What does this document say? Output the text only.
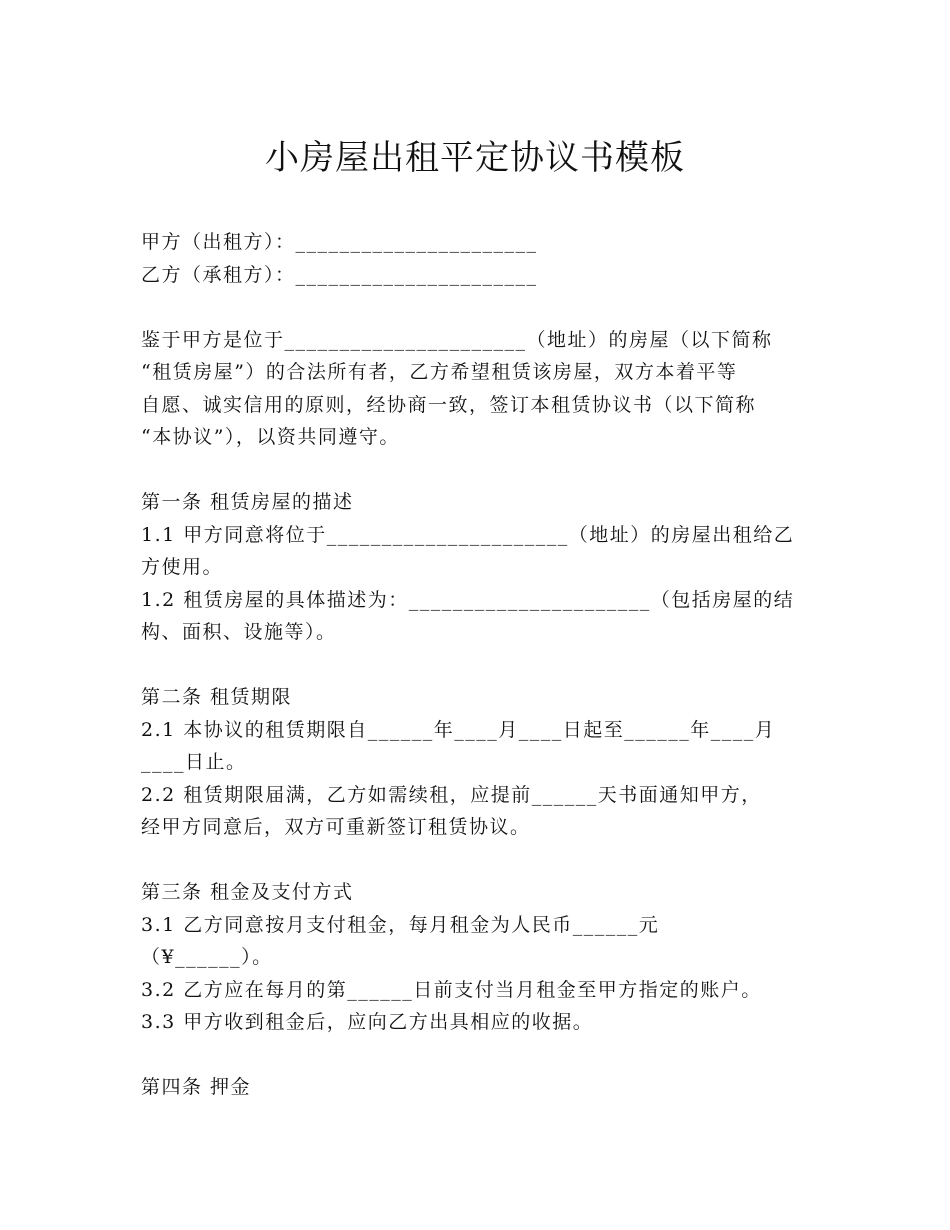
小房屋出租平定协议书模板
甲方（出租方）：______________________
乙方（承租方）：______________________
鉴于甲方是位于______________________（地址）的房屋（以下简称
“租赁房屋”）的合法所有者，乙方希望租赁该房屋，双方本着平等
自愿、诚实信用的原则，经协商一致，签订本租赁协议书（以下简称
“本协议”），以资共同遵守。
第一条 租赁房屋的描述
1.1 甲方同意将位于______________________（地址）的房屋出租给乙
方使用。
1.2 租赁房屋的具体描述为：______________________（包括房屋的结
构、面积、设施等）。
第二条 租赁期限
2.1 本协议的租赁期限自______年____月____日起至______年____月
____日止。
2.2 租赁期限届满，乙方如需续租，应提前______天书面通知甲方，
经甲方同意后，双方可重新签订租赁协议。
第三条 租金及支付方式
3.1 乙方同意按月支付租金，每月租金为人民币______元
（¥______）。
3.2 乙方应在每月的第______日前支付当月租金至甲方指定的账户。
3.3 甲方收到租金后，应向乙方出具相应的收据。
第四条 押金
